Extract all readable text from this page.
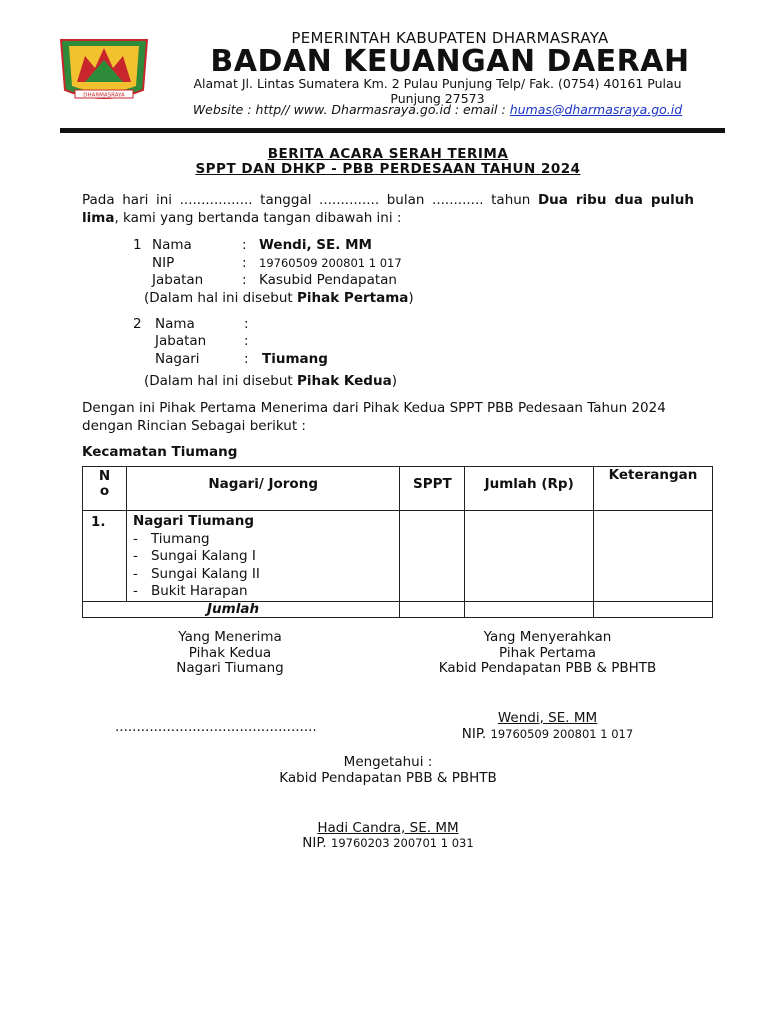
DHARMASRAYA
PEMERINTAH KABUPATEN DHARMASRAYA
BADAN KEUANGAN DAERAH
Alamat Jl. Lintas Sumatera Km. 2 Pulau Punjung Telp/ Fak. (0754) 40161 Pulau
Punjung 27573
Website : http// www. Dharmasraya.go.id : email : humas@dharmasraya.go.id
BERITA ACARA SERAH TERIMA
SPPT DAN DHKP - PBB PERDESAAN TAHUN 2024
Pada hari ini ................. tanggal .............. bulan ............ tahun Dua ribu dua puluh lima, kami yang bertanda tangan dibawah ini :
1 Nama	: Wendi, SE. MM
NIP	: 19760509 200801 1 017
Jabatan	: Kasubid Pendapatan
(Dalam hal ini disebut Pihak Pertama)
2 Nama	:
Jabatan	:
Nagari	: Tiumang
(Dalam hal ini disebut Pihak Kedua)
Dengan ini Pihak Pertama Menerima dari Pihak Kedua SPPT PBB Pedesaan Tahun 2024 dengan Rincian Sebagai berikut :
Kecamatan Tiumang
N o	Nagari/ Jorong	SPPT	Jumlah (Rp)	Keterangan

1.	Nagari Tiumang
- Tiumang
- Sungai Kalang I
- Sungai Kalang II
- Bukit Harapan			

Jumlah				
Yang Menerima
Pihak Kedua
Nagari Tiumang
Yang Menyerahkan
Pihak Pertama
Kabid Pendapatan PBB & PBHTB
...............................................
Wendi, SE. MM
NIP. 19760509 200801 1 017
Mengetahui :
Kabid Pendapatan PBB & PBHTB
Hadi Candra, SE. MM
NIP. 19760203 200701 1 031
